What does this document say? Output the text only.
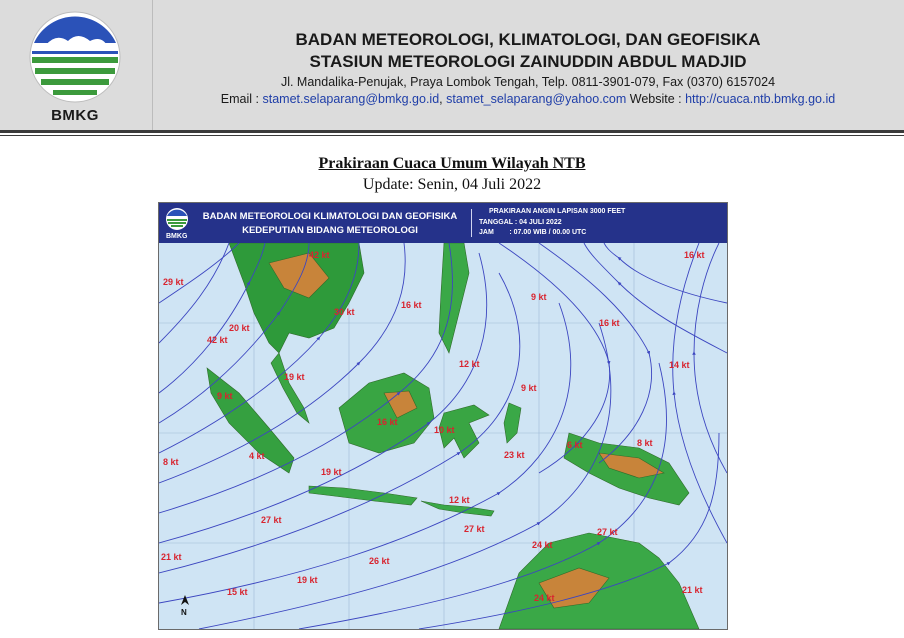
BMKG
BADAN METEOROLOGI, KLIMATOLOGI, DAN GEOFISIKA
STASIUN METEOROLOGI ZAINUDDIN ABDUL MADJID
Jl. Mandalika-Penujak, Praya Lombok Tengah, Telp. 0811-3901-079, Fax (0370) 6157024
Email : stamet.selaparang@bmkg.go.id, stamet_selaparang@yahoo.com Website : http://cuaca.ntb.bmkg.go.id
Prakiraan Cuaca Umum Wilayah NTB
Update: Senin, 04 Juli 2022
BMKG
BADAN METEOROLOGI KLIMATOLOGI DAN GEOFISIKA
KEDEPUTIAN BIDANG METEOROLOGI
PRAKIRAAN ANGIN LAPISAN 3000 FEET
TANGGAL : 04 JULI 2022
JAM        : 07.00 WIB / 00.00 UTC
29 kt
42 kt
20 kt
42 kt
30 kt
16 kt
9 kt
16 kt
16 kt
19 kt
12 kt
9 kt
14 kt
16 kt
9 kt
8 kt
4 kt
10 kt
8 kt
19 kt
23 kt
6 kt
12 kt
27 kt
27 kt	27 kt
21 kt	26 kt
19 kt
15 kt
24 kt
21 kt
24 kt
N
